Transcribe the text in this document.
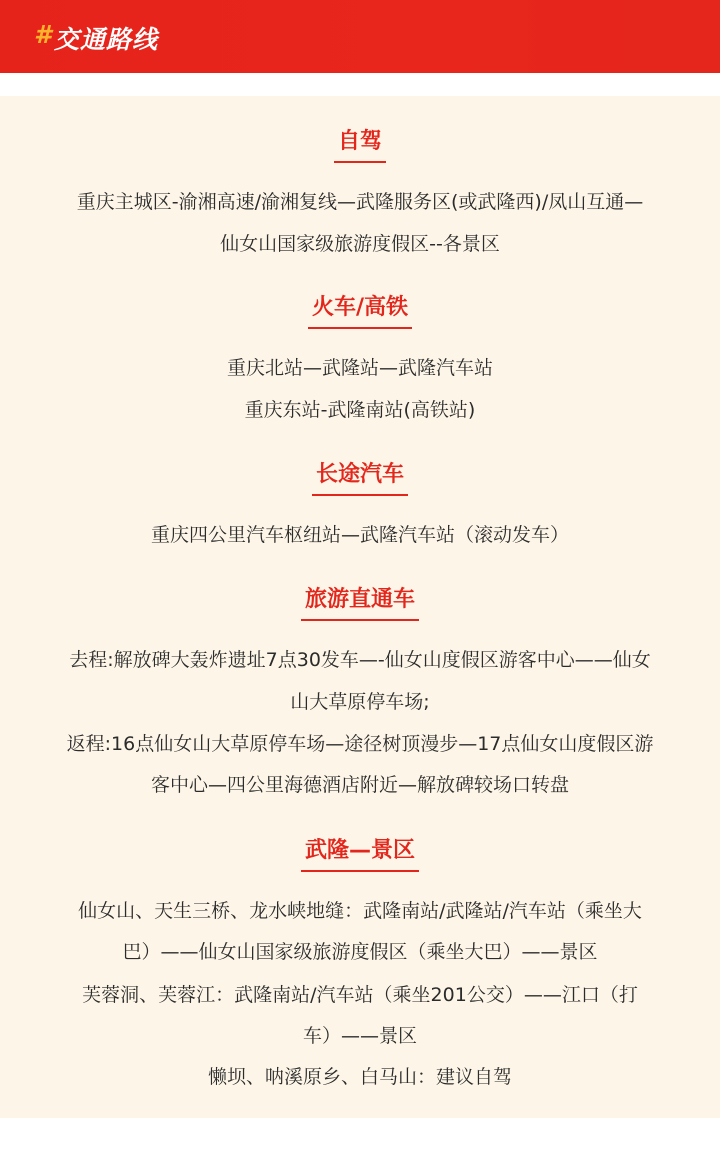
# 交通路线
自驾
重庆主城区-渝湘高速/渝湘复线—武隆服务区(或武隆西)/凤山互通—
仙女山国家级旅游度假区--各景区
火车/高铁
重庆北站—武隆站—武隆汽车站
重庆东站-武隆南站(高铁站)
长途汽车
重庆四公里汽车枢纽站—武隆汽车站（滚动发车）
旅游直通车
去程:解放碑大轰炸遗址7点30发车—-仙女山度假区游客中心——仙女
山大草原停车场;
返程:16点仙女山大草原停车场—途径树顶漫步—17点仙女山度假区游
客中心—四公里海德酒店附近—解放碑较场口转盘
武隆—景区
仙女山、天生三桥、龙水峡地缝：武隆南站/武隆站/汽车站（乘坐大
巴）——仙女山国家级旅游度假区（乘坐大巴）——景区
芙蓉洞、芙蓉江：武隆南站/汽车站（乘坐201公交）——江口（打
车）——景区
懒坝、呐溪原乡、白马山：建议自驾
